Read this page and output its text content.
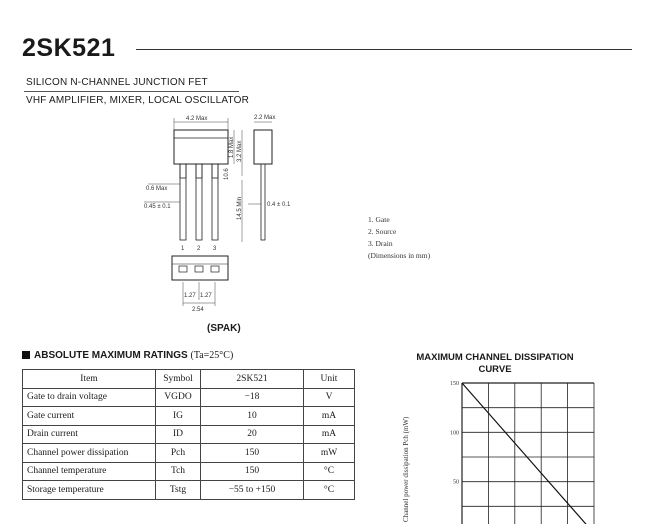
2SK521
SILICON N-CHANNEL JUNCTION FET
VHF AMPLIFIER, MIXER, LOCAL OSCILLATOR
4.2 Max
0.6 Max
0.45 ± 0.1
1.8 Max 3.2 Max
10.6
14.5 Min
1 2 3
2.2 Max
0.4 ± 0.1
1.27 1.27
2.54
1. Gate
2. Source
3. Drain
(Dimensions in mm)
(SPAK)
ABSOLUTE MAXIMUM RATINGS (Ta=25°C)
Item	Symbol	2SK521	Unit
Gate to drain voltage	VGDO	−18	V
Gate current	IG	10	mA
Drain current	ID	20	mA
Channel power dissipation	Pch	150	mW
Channel temperature	Tch	150	°C
Storage temperature	Tstg	−55 to +150	°C
MAXIMUM CHANNEL DISSIPATION
CURVE
Channel power dissipation Pch (mW)
150
100
50
